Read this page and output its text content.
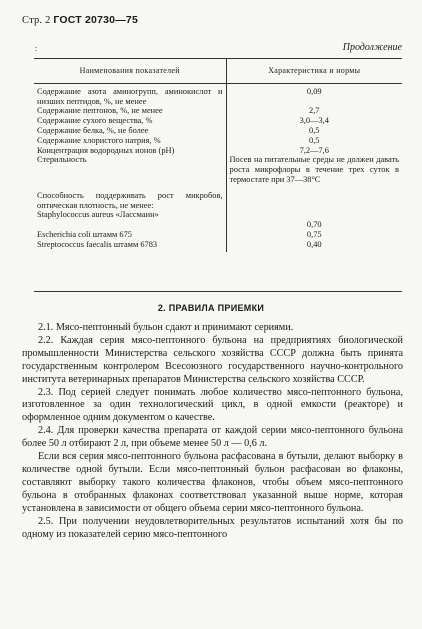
Стр. 2 ГОСТ 20730—75
:	Продолжение
Наименования показателей	Характеристика и нормы
Содержание азота аминогрупп, аминокислот и низших пептидов, %, не менее	0,09
Содержание пептонов, %, не менее	2,7
Содержание сухого вещества, %	3,0—3,4
Содержание белка, %, не более	0,5
Содержание хлористого натрия, %	0,5
Концентрация водородных ионов (pH)	7,2—7,6
Стерильность	Посев на питательные среды не должен давать роста микрофлоры в течение трех суток в термостате при 37—38°С
Способность поддерживать рост микробов, оптическая плотность, не менее:	
Staphylococcus aureus «Лассмаин»	0,70
Escherichia coli штамм 675	0,75
Streptococcus faecalis штамм 6783	0,40
2. ПРАВИЛА ПРИЕМКИ

2.1. Мясо-пептонный бульон сдают и принимают сериями.

2.2. Каждая серия мясо-пептонного бульона на предприятиях биологической промышленности Министерства сельского хозяйства СССР должна быть принята государственным контролером Всесоюзного государственного научно-контрольного института ветеринарных препаратов Министерства сельского хозяйства СССР.

2.3. Под серией следует понимать любое количество мясо-пептонного бульона, изготовленное за один технологический цикл, в одной емкости (реакторе) и оформленное одним документом о качестве.

2.4. Для проверки качества препарата от каждой серии мясо-пептонного бульона более 50 л отбирают 2 л, при объеме менее 50 л — 0,6 л.

Если вся серия мясо-пептонного бульона расфасована в бутыли, делают выборку в количестве одной бутыли. Если мясо-пептонный бульон расфасован во флаконы, составляют выборку такого количества флаконов, чтобы объем мясо-пептонного бульона в отобранных флаконах соответствовал указанной выше норме, которая установлена в зависимости от общего объема серии мясо-пептонного бульона.

2.5. При получении неудовлетворительных результатов испытаний хотя бы по одному из показателей серию мясо-пептонного
